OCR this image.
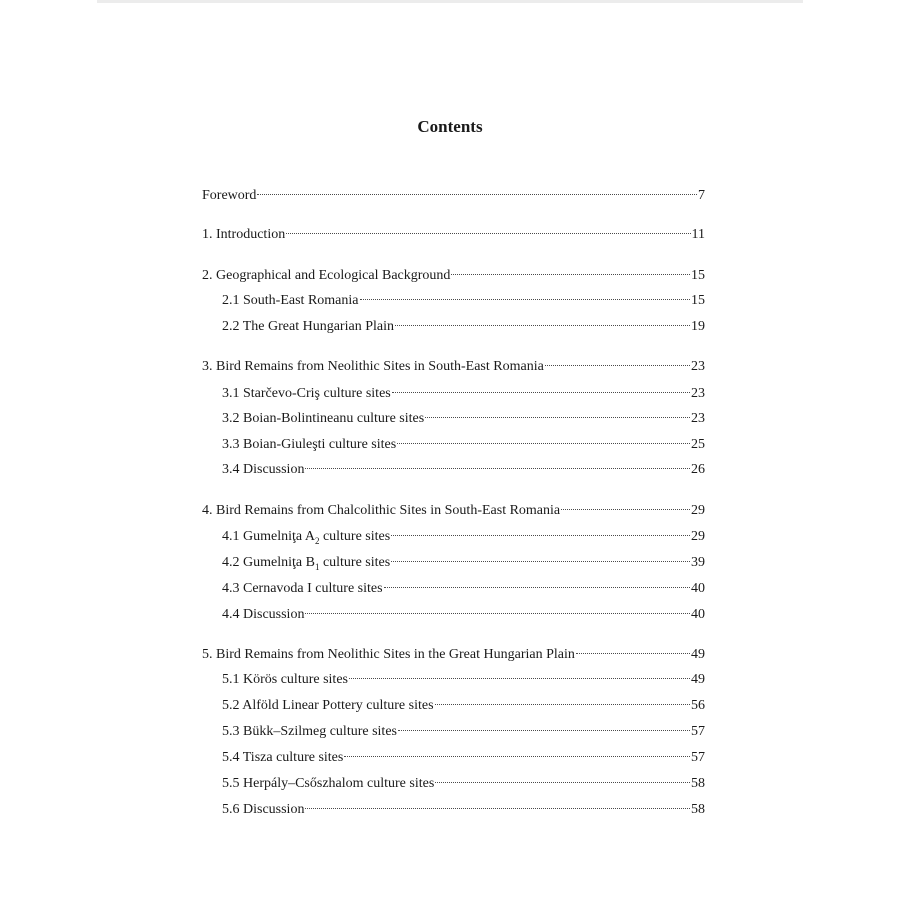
Contents
Foreword	7
1. Introduction	11
2. Geographical and Ecological Background	15
2.1 South-East Romania	15
2.2 The Great Hungarian Plain	19
3. Bird Remains from Neolithic Sites in South-East Romania	23
3.1 Starčevo-Criş culture sites	23
3.2 Boian-Bolintineanu culture sites	23
3.3 Boian-Giuleşti culture sites	25
3.4 Discussion	26
4. Bird Remains from Chalcolithic Sites in South-East Romania	29
4.1 Gumelniţa $A_2$ culture sites	29
4.2 Gumelniţa $B_1$ culture sites	39
4.3 Cernavoda I culture sites	40
4.4 Discussion	40
5. Bird Remains from Neolithic Sites in the Great Hungarian Plain	49
5.1 Körös culture sites	49
5.2 Alföld Linear Pottery culture sites	56
5.3 Bükk–Szilmeg culture sites	57
5.4 Tisza culture sites	57
5.5 Herpály–Csőszhalom culture sites	58
5.6 Discussion	58
